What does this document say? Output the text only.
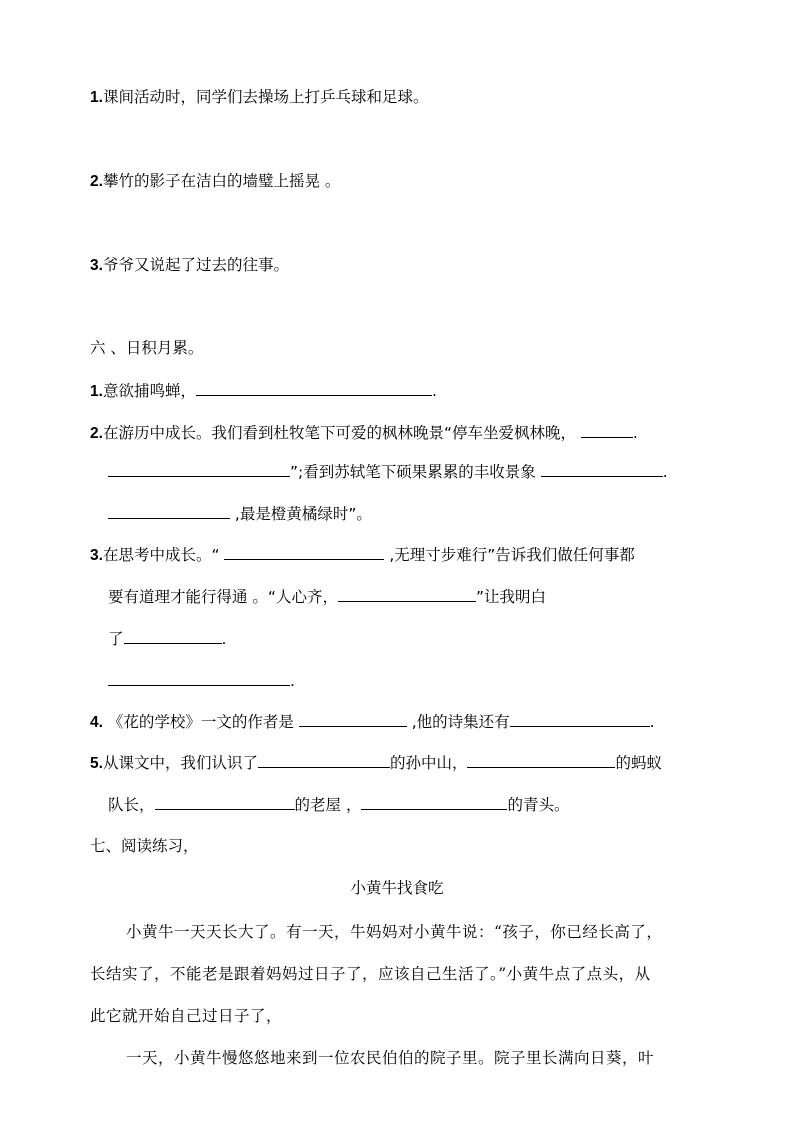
1.课间活动时，同学们去操场上打乒乓球和足球。
2.攀竹的影子在洁白的墙璧上摇晃 。
3.爷爷又说起了过去的往事。
六 、日积月累。
1.意欲捕鸣蝉，	.
2.在游历中成长。我们看到杜牧笔下可爱的枫林晚景“停车坐爱枫林晚，	.
”;看到苏轼笔下硕果累累的丰收景象	.
,最是橙黄橘绿时”。
3.在思考中成长。“	,无理寸步难行”告诉我们做任何事都
要有道理才能行得通 。“人心齐，	”让我明白
了	.
.
4. 《花的学校》一文的作者是	,他的诗集还有	.
5.从课文中，我们认识了	的孙中山，	的蚂蚁
队长，	的老屋 ，	的青头。
七、阅读练习，
小黄牛找食吃
小黄牛一天天长大了。有一天，牛妈妈对小黄牛说：“孩子，你已经长高了，
长结实了，不能老是跟着妈妈过日子了，应该自己生活了。”小黄牛点了点头，从
此它就开始自己过日子了，
一天，小黄牛慢悠悠地来到一位农民伯伯的院子里。院子里长满向日葵，叶
